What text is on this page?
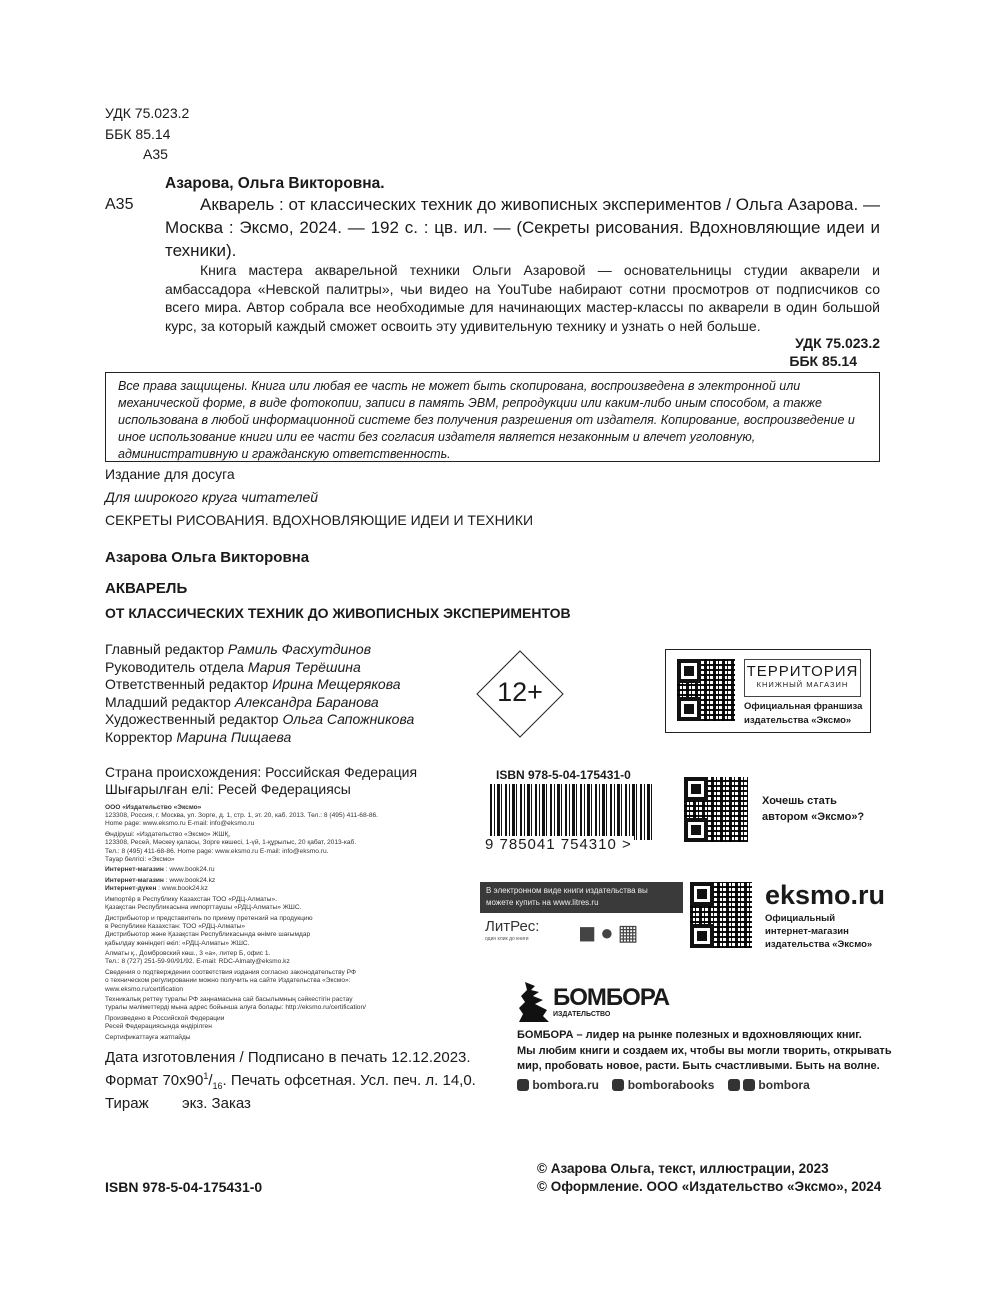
УДК 75.023.2
ББК 85.14
А35
Азарова, Ольга Викторовна.
А35	Акварель : от классических техник до живописных экспериментов / Ольга Азарова. — Москва : Эксмо, 2024. — 192 с. : цв. ил. — (Секреты рисования. Вдохновляющие идеи и техники).
Книга мастера акварельной техники Ольги Азаровой — основательницы студии акварели и амбассадора «Невской палитры», чьи видео на YouTube набирают сотни просмотров от подписчиков со всего мира. Автор собрала все необходимые для начинающих мастер-классы по акварели в один большой курс, за который каждый сможет освоить эту удивительную технику и узнать о ней больше.
УДК 75.023.2
ББК 85.14
Все права защищены. Книга или любая ее часть не может быть скопирована, воспроизведена в электронной или механической форме, в виде фотокопии, записи в память ЭВМ, репродукции или каким-либо иным способом, а также использована в любой информационной системе без получения разрешения от издателя. Копирование, воспроизведение и иное использование книги или ее части без согласия издателя является незаконным и влечет уголовную, административную и гражданскую ответственность.
Издание для досуга
Для широкого круга читателей
СЕКРЕТЫ РИСОВАНИЯ. ВДОХНОВЛЯЮЩИЕ ИДЕИ И ТЕХНИКИ
Азарова Ольга Викторовна
АКВАРЕЛЬ
ОТ КЛАССИЧЕСКИХ ТЕХНИК ДО ЖИВОПИСНЫХ ЭКСПЕРИМЕНТОВ
Главный редактор Рамиль Фасхутдинов
Руководитель отдела Мария Терёшина
Ответственный редактор Ирина Мещерякова
Младший редактор Александра Баранова
Художественный редактор Ольга Сапожникова
Корректор Марина Пищаева
Страна происхождения: Российская Федерация
Шығарылған елі: Ресей Федерациясы

ООО «Издательство «Эксмо»
123308, Россия, г. Москва, ул. Зорге, д. 1, стр. 1, эт. 20, каб. 2013. Тел.: 8 (495) 411-68-86.
Home page: www.eksmo.ru E-mail: info@eksmo.ru

Өндіруші: «Издательство «Эксмо» ЖШҚ,
123308, Ресей, Мәскеу қаласы, Зорге көшесі, 1-үй, 1-құрылыс, 20 қабат, 2013-каб.
Тел.: 8 (495) 411-68-86. Home page: www.eksmo.ru E-mail: info@eksmo.ru.
Тауар белгісі: «Эксмо»

Интернет-магазин : www.book24.ru

Интернет-магазин : www.book24.kz

Интернет-дүкен : www.book24.kz

Импортёр в Республику Казахстан ТОО «РДЦ-Алматы».
Қазақстан Республикасына импорттаушы «РДЦ-Алматы» ЖШС.

Дистрибьютор и представитель по приему претензий на продукцию
в Республике Казахстан: ТОО «РДЦ-Алматы»
Дистрибьютор және Қазақстан Республикасында өнімге шағымдар
қабылдау жөніндегі өкіл: «РДЦ-Алматы» ЖШС.

Алматы қ., Домбровский көш., 3 «а», литер Б, офис 1.
Тел.: 8 (727) 251-59-90/91/92. E-mail: RDC-Almaty@eksmo.kz

Сведения о подтверждении соответствия издания согласно законодательству РФ
о техническом регулировании можно получить на сайте Издательства «Эксмо»:
www.eksmo.ru/certification

Техникалық реттеу туралы РФ заңнамасына сай басылымның сәйкестігін растау
туралы мәліметтерді мына адрес бойынша алуға болады: http://eksmo.ru/certification/

Произведено в Российской Федерации
Ресей Федерациясында өндірілген

Сертификаттауға жатпайды

Дата изготовления / Подписано в печать 12.12.2023.
Формат $70x90^1/_{16}$. Печать офсетная. Усл. печ. л. 14,0.
Тираж        экз. Заказ
ISBN 978-5-04-175431-0
© Азарова Ольга, текст, иллюстрации, 2023
© Оформление. ООО «Издательство «Эксмо», 2024
12+
ТЕРРИТОРИЯ
КНИЖНЫЙ МАГАЗИН
Официальная франшиза
издательства «Эксмо»
ISBN 978-5-04-175431-0
9 785041 754310 >
Хочешь стать
автором «Эксмо»?
В электронном виде книги издательства вы можете купить на www.litres.ru
ЛитРес:
один клик до книги ◼●▦
eksmo.ru
Официальный
интернет-магазин
издательства «Эксмо»
БОМБОРА
ИЗДАТЕЛЬСТВО
БОМБОРА – лидер на рынке полезных и вдохновляющих книг.
Мы любим книги и создаем их, чтобы вы могли творить, открывать
мир, пробовать новое, расти. Быть счастливыми. Быть на волне.
bombora.ru bomborabooks	bombora
